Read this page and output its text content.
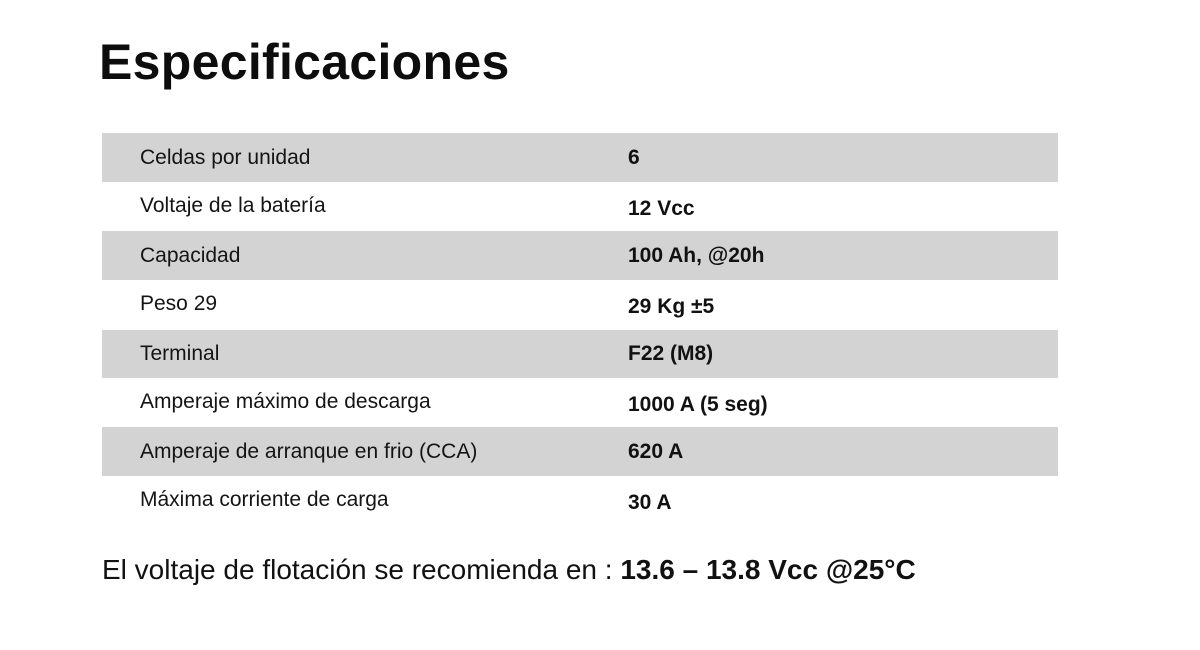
Especificaciones
Celdas por unidad	6
Voltaje de la batería	12 Vcc
Capacidad	100 Ah, @20h
Peso 29	29 Kg ±5
Terminal	F22 (M8)
Amperaje máximo de descarga	1000 A (5 seg)
Amperaje de arranque en frio (CCA)	620 A
Máxima corriente de carga	30 A

El voltaje de flotación se recomienda en : 13.6 – 13.8 Vcc @25°C
